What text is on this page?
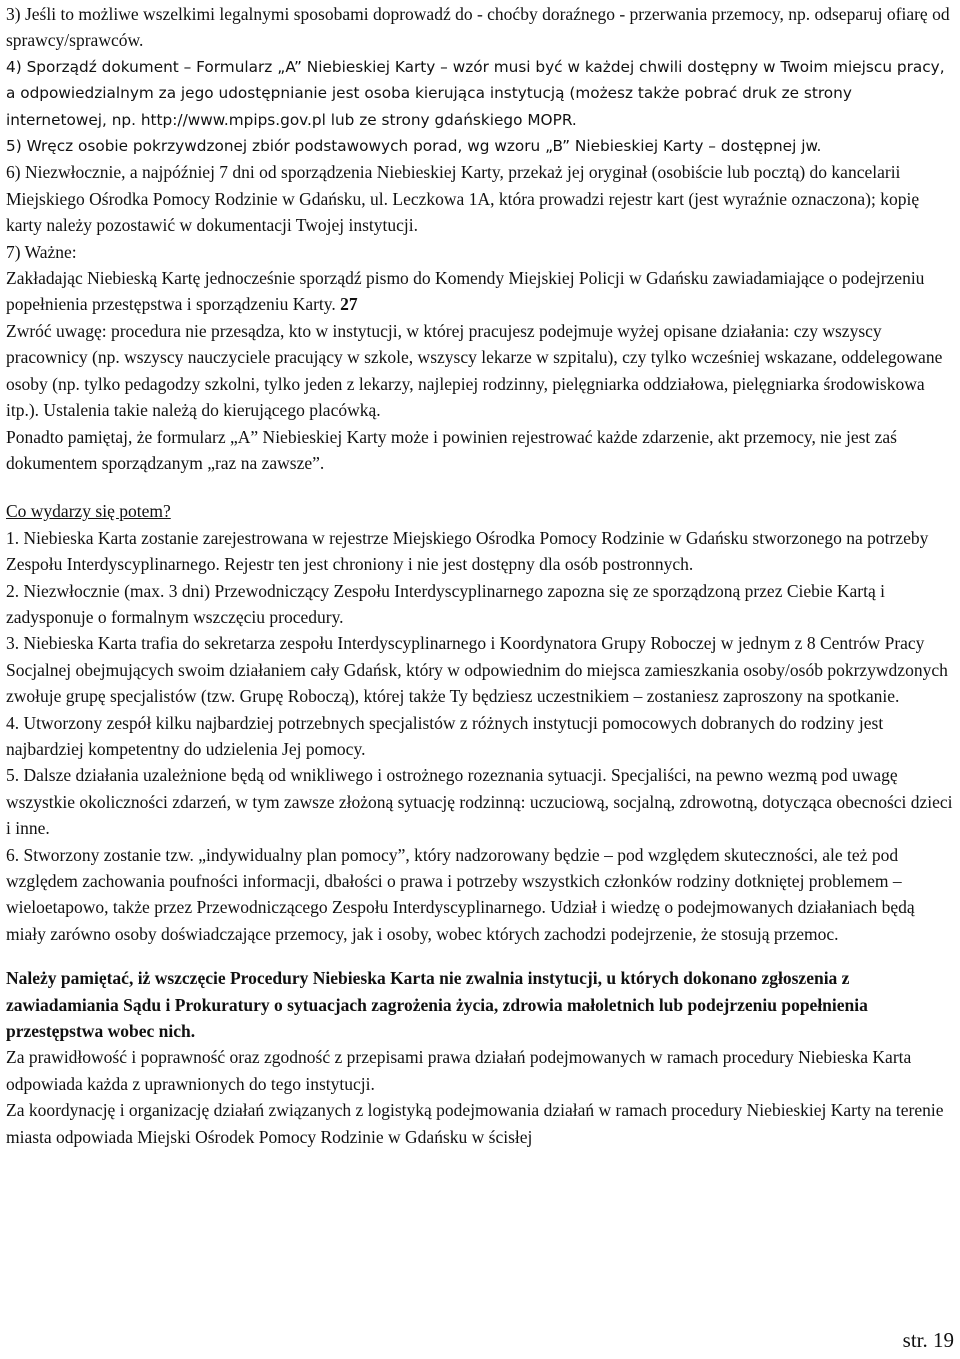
3) Jeśli to możliwe wszelkimi legalnymi sposobami doprowadź do - choćby doraźnego - przerwania przemocy, np. odseparuj ofiarę od sprawcy/sprawców.

4) Sporządź dokument – Formularz „A” Niebieskiej Karty – wzór musi być w każdej chwili dostępny w Twoim miejscu pracy, a odpowiedzialnym za jego udostępnianie jest osoba kierująca instytucją (możesz także pobrać druk ze strony internetowej, np. http://www.mpips.gov.pl lub ze strony gdańskiego MOPR.

5) Wręcz osobie pokrzywdzonej zbiór podstawowych porad, wg wzoru „B” Niebieskiej Karty – dostępnej jw.

6) Niezwłocznie, a najpóźniej 7 dni od sporządzenia Niebieskiej Karty, przekaż jej oryginał (osobiście lub pocztą) do kancelarii Miejskiego Ośrodka Pomocy Rodzinie w Gdańsku, ul. Leczkowa 1A, która prowadzi rejestr kart (jest wyraźnie oznaczona); kopię karty należy pozostawić w dokumentacji Twojej instytucji.

7) Ważne:

Zakładając Niebieską Kartę jednocześnie sporządź pismo do Komendy Miejskiej Policji w Gdańsku zawiadamiające o podejrzeniu popełnienia przestępstwa i sporządzeniu Karty. 27

Zwróć uwagę: procedura nie przesądza, kto w instytucji, w której pracujesz podejmuje wyżej opisane działania: czy wszyscy pracownicy (np. wszyscy nauczyciele pracujący w szkole, wszyscy lekarze w szpitalu), czy tylko wcześniej wskazane, oddelegowane osoby (np. tylko pedagodzy szkolni, tylko jeden z lekarzy, najlepiej rodzinny, pielęgniarka oddziałowa, pielęgniarka środowiskowa itp.). Ustalenia takie należą do kierującego placówką.

Ponadto pamiętaj, że formularz „A” Niebieskiej Karty może i powinien rejestrować każde zdarzenie, akt przemocy, nie jest zaś dokumentem sporządzanym „raz na zawsze”.

Co wydarzy się potem?

1. Niebieska Karta zostanie zarejestrowana w rejestrze Miejskiego Ośrodka Pomocy Rodzinie w Gdańsku stworzonego na potrzeby Zespołu Interdyscyplinarnego. Rejestr ten jest chroniony i nie jest dostępny dla osób postronnych.

2. Niezwłocznie (max. 3 dni) Przewodniczący Zespołu Interdyscyplinarnego zapozna się ze sporządzoną przez Ciebie Kartą i zadysponuje o formalnym wszczęciu procedury.

3. Niebieska Karta trafia do sekretarza zespołu Interdyscyplinarnego i Koordynatora Grupy Roboczej w jednym z 8 Centrów Pracy Socjalnej obejmujących swoim działaniem cały Gdańsk, który w odpowiednim do miejsca zamieszkania osoby/osób pokrzywdzonych zwołuje grupę specjalistów (tzw. Grupę Roboczą), której także Ty będziesz uczestnikiem – zostaniesz zaproszony na spotkanie.

4. Utworzony zespół kilku najbardziej potrzebnych specjalistów z różnych instytucji pomocowych dobranych do rodziny jest najbardziej kompetentny do udzielenia Jej pomocy.

5. Dalsze działania uzależnione będą od wnikliwego i ostrożnego rozeznania sytuacji. Specjaliści, na pewno wezmą pod uwagę wszystkie okoliczności zdarzeń, w tym zawsze złożoną sytuację rodzinną: uczuciową, socjalną, zdrowotną, dotycząca obecności dzieci i inne.

6. Stworzony zostanie tzw. „indywidualny plan pomocy”, który nadzorowany będzie – pod względem skuteczności, ale też pod względem zachowania poufności informacji, dbałości o prawa i potrzeby wszystkich członków rodziny dotkniętej problemem – wieloetapowo, także przez Przewodniczącego Zespołu Interdyscyplinarnego. Udział i wiedzę o podejmowanych działaniach będą miały zarówno osoby doświadczające przemocy, jak i osoby, wobec których zachodzi podejrzenie, że stosują przemoc.

Należy pamiętać, iż wszczęcie Procedury Niebieska Karta nie zwalnia instytucji, u których dokonano zgłoszenia z zawiadamiania Sądu i Prokuratury o sytuacjach zagrożenia życia, zdrowia małoletnich lub podejrzeniu popełnienia przestępstwa wobec nich.

Za prawidłowość i poprawność oraz zgodność z przepisami prawa działań podejmowanych w ramach procedury Niebieska Karta odpowiada każda z uprawnionych do tego instytucji.

Za koordynację i organizację działań związanych z logistyką podejmowania działań w ramach procedury Niebieskiej Karty na terenie miasta odpowiada Miejski Ośrodek Pomocy Rodzinie w Gdańsku w ścisłej

str. 19
